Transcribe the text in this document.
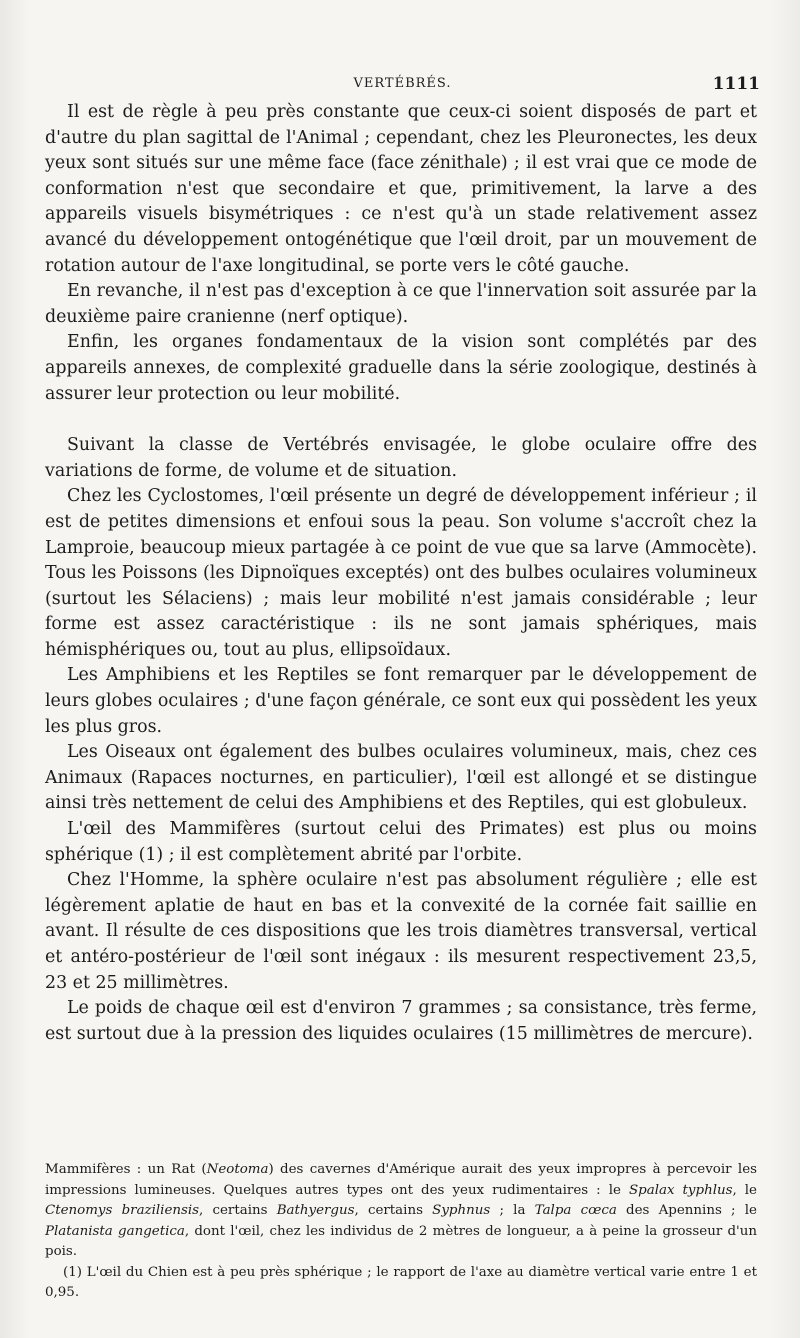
VERTÉBRÉS.	1111

Il est de règle à peu près constante que ceux-ci soient disposés de part et d'autre du plan sagittal de l'Animal ; cependant, chez les Pleuronectes, les deux yeux sont situés sur une même face (face zénithale) ; il est vrai que ce mode de conformation n'est que secondaire et que, primitivement, la larve a des appareils visuels bisymétriques : ce n'est qu'à un stade relativement assez avancé du développement ontogénétique que l'œil droit, par un mouvement de rotation autour de l'axe longitudinal, se porte vers le côté gauche.

En revanche, il n'est pas d'exception à ce que l'innervation soit assurée par la deuxième paire cranienne (nerf optique).

Enfin, les organes fondamentaux de la vision sont complétés par des appareils annexes, de complexité graduelle dans la série zoologique, destinés à assurer leur protection ou leur mobilité.

Suivant la classe de Vertébrés envisagée, le globe oculaire offre des variations de forme, de volume et de situation.

Chez les Cyclostomes, l'œil présente un degré de développement inférieur ; il est de petites dimensions et enfoui sous la peau. Son volume s'accroît chez la Lamproie, beaucoup mieux partagée à ce point de vue que sa larve (Ammocète). Tous les Poissons (les Dipnoïques exceptés) ont des bulbes oculaires volumineux (surtout les Sélaciens) ; mais leur mobilité n'est jamais considérable ; leur forme est assez caractéristique : ils ne sont jamais sphériques, mais hémisphériques ou, tout au plus, ellipsoïdaux.

Les Amphibiens et les Reptiles se font remarquer par le développement de leurs globes oculaires ; d'une façon générale, ce sont eux qui possèdent les yeux les plus gros.

Les Oiseaux ont également des bulbes oculaires volumineux, mais, chez ces Animaux (Rapaces nocturnes, en particulier), l'œil est allongé et se distingue ainsi très nettement de celui des Amphibiens et des Reptiles, qui est globuleux.

L'œil des Mammifères (surtout celui des Primates) est plus ou moins sphérique (1) ; il est complètement abrité par l'orbite.

Chez l'Homme, la sphère oculaire n'est pas absolument régulière ; elle est légèrement aplatie de haut en bas et la convexité de la cornée fait saillie en avant. Il résulte de ces dispositions que les trois diamètres transversal, vertical et antéro-postérieur de l'œil sont inégaux : ils mesurent respectivement 23,5, 23 et 25 millimètres.

Le poids de chaque œil est d'environ 7 grammes ; sa consistance, très ferme, est surtout due à la pression des liquides oculaires (15 millimètres de mercure).

Mammifères : un Rat (Neotoma) des cavernes d'Amérique aurait des yeux impropres à percevoir les impressions lumineuses. Quelques autres types ont des yeux rudimentaires : le Spalax typhlus, le Ctenomys braziliensis, certains Bathyergus, certains Syphnus ; la Talpa cœca des Apennins ; le Platanista gangetica, dont l'œil, chez les individus de 2 mètres de longueur, a à peine la grosseur d'un pois.

(1) L'œil du Chien est à peu près sphérique ; le rapport de l'axe au diamètre vertical varie entre 1 et 0,95.
